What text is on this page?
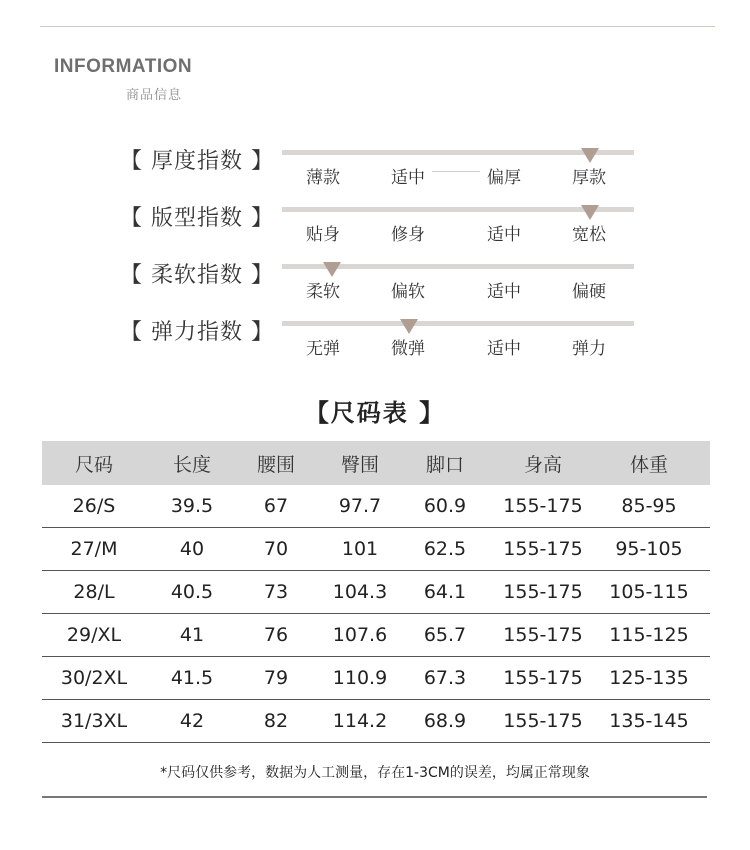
INFORMATION
商品信息
【 厚度指数 】
薄款	适中	偏厚	厚款
【 版型指数 】
贴身	修身	适中	宽松
【 柔软指数 】
柔软	偏软	适中	偏硬
【 弹力指数 】
无弹	微弹	适中	弹力
【尺码表 】
尺码	长度	腰围	臀围	脚口	身高	体重
26/S	39.5	67	97.7	60.9	155-175	85-95
27/M	40	70	101	62.5	155-175	95-105
28/L	40.5	73	104.3	64.1	155-175	105-115
29/XL	41	76	107.6	65.7	155-175	115-125
30/2XL	41.5	79	110.9	67.3	155-175	125-135
31/3XL	42	82	114.2	68.9	155-175	135-145
*尺码仅供参考，数据为人工测量，存在1-3CM的误差，均属正常现象
